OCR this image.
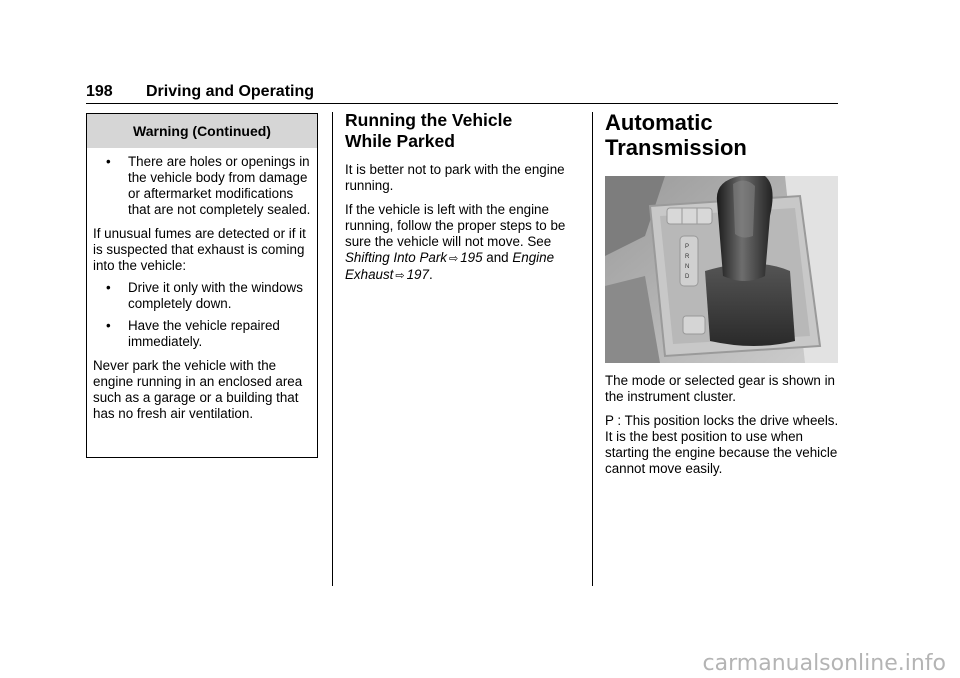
198 Driving and Operating
Warning (Continued)
• There are holes or openings in the vehicle body from damage or aftermarket modifications that are not completely sealed.

If unusual fumes are detected or if it is suspected that exhaust is coming into the vehicle:

• Drive it only with the windows completely down.
• Have the vehicle repaired immediately.

Never park the vehicle with the engine running in an enclosed area such as a garage or a building that has no fresh air ventilation.

Running the Vehicle
While Parked

It is better not to park with the engine running.

If the vehicle is left with the engine running, follow the proper steps to be sure the vehicle will not move. See Shifting Into Park ⇨ 195 and Engine Exhaust ⇨ 197.

Automatic
Transmission
P
R
N
D

The mode or selected gear is shown in the instrument cluster.

P : This position locks the drive wheels. It is the best position to use when starting the engine because the vehicle cannot move easily.

carmanualsonline.info
